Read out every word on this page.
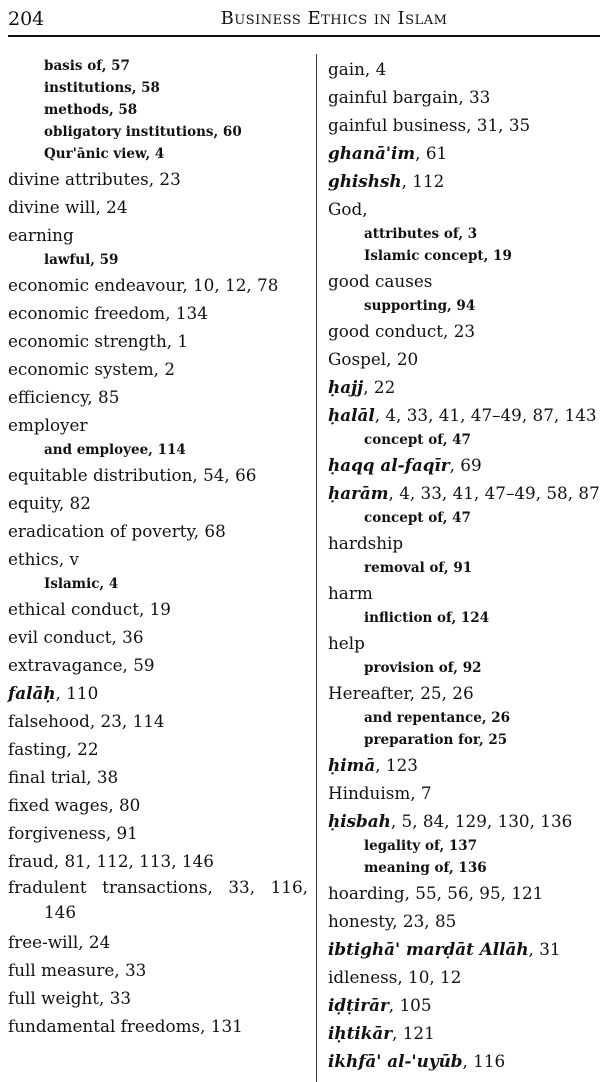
204	Business Ethics in Islam
basis of, 57
institutions, 58
methods, 58
obligatory institutions, 60
Qur'ānic view, 4
divine attributes, 23
divine will, 24
earning
lawful, 59
economic endeavour, 10, 12, 78
economic freedom, 134
economic strength, 1
economic system, 2
efficiency, 85
employer
and employee, 114
equitable distribution, 54, 66
equity, 82
eradication of poverty, 68
ethics, v
Islamic, 4
ethical conduct, 19
evil conduct, 36
extravagance, 59
falāḥ, 110
falsehood, 23, 114
fasting, 22
final trial, 38
fixed wages, 80
forgiveness, 91
fraud, 81, 112, 113, 146
fradulent transactions, 33, 116, 146
free-will, 24
full measure, 33
full weight, 33
fundamental freedoms, 131
gain, 4
gainful bargain, 33
gainful business, 31, 35
ghanā'im, 61
ghishsh, 112
God,
attributes of, 3
Islamic concept, 19
good causes
supporting, 94
good conduct, 23
Gospel, 20
ḥajj, 22
ḥalāl, 4, 33, 41, 47–49, 87, 143
concept of, 47
ḥaqq al-faqīr, 69
ḥarām, 4, 33, 41, 47–49, 58, 87
concept of, 47
hardship
removal of, 91
harm
infliction of, 124
help
provision of, 92
Hereafter, 25, 26
and repentance, 26
preparation for, 25
ḥimā, 123
Hinduism, 7
ḥisbah, 5, 84, 129, 130, 136
legality of, 137
meaning of, 136
hoarding, 55, 56, 95, 121
honesty, 23, 85
ibtighā' marḍāt Allāh, 31
idleness, 10, 12
iḍṭirār, 105
iḥtikār, 121
ikhfā' al-'uyūb, 116
